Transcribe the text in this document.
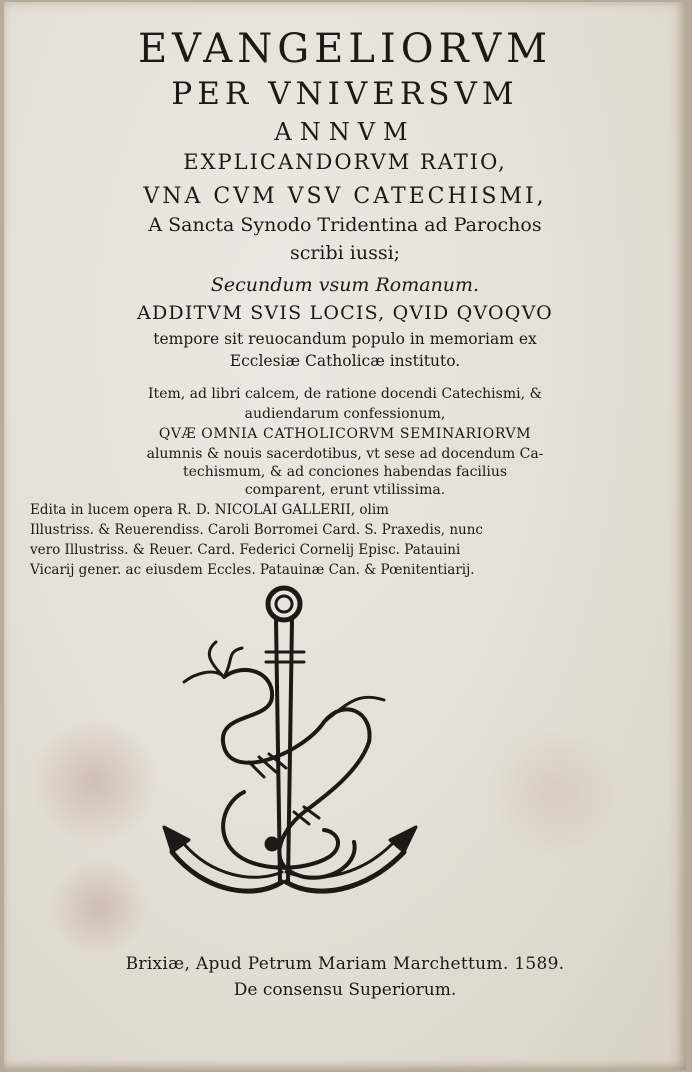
EVANGELIORVM
PER VNIVERSVM
ANNVM
EXPLICANDORVM RATIO,
VNA CVM VSV CATECHISMI,
A Sancta Synodo Tridentina ad Parochos
scribi iussi;
Secundum vsum Romanum.
ADDITVM SVIS LOCIS, QVID QVOQVO
tempore sit reuocandum populo in memoriam ex
Ecclesiæ Catholicæ instituto.
Item, ad libri calcem, de ratione docendi Catechismi, &
audiendarum confessionum,
QVÆ OMNIA CATHOLICORVM SEMINARIORVM
alumnis & nouis sacerdotibus, vt sese ad docendum Ca-
techismum, & ad conciones habendas facilius
comparent, erunt vtilissima.
Edita in lucem opera R. D. NICOLAI GALLERII, olim
Illustriss. & Reuerendiss. Caroli Borromei Card. S. Praxedis, nunc
vero Illustriss. & Reuer. Card. Federici Cornelij Episc. Patauini
Vicarij gener. ac eiusdem Eccles. Patauinæ Can. & Pœnitentiarij.
Brixiæ, Apud Petrum Mariam Marchettum. 1589.
De consensu Superiorum.
